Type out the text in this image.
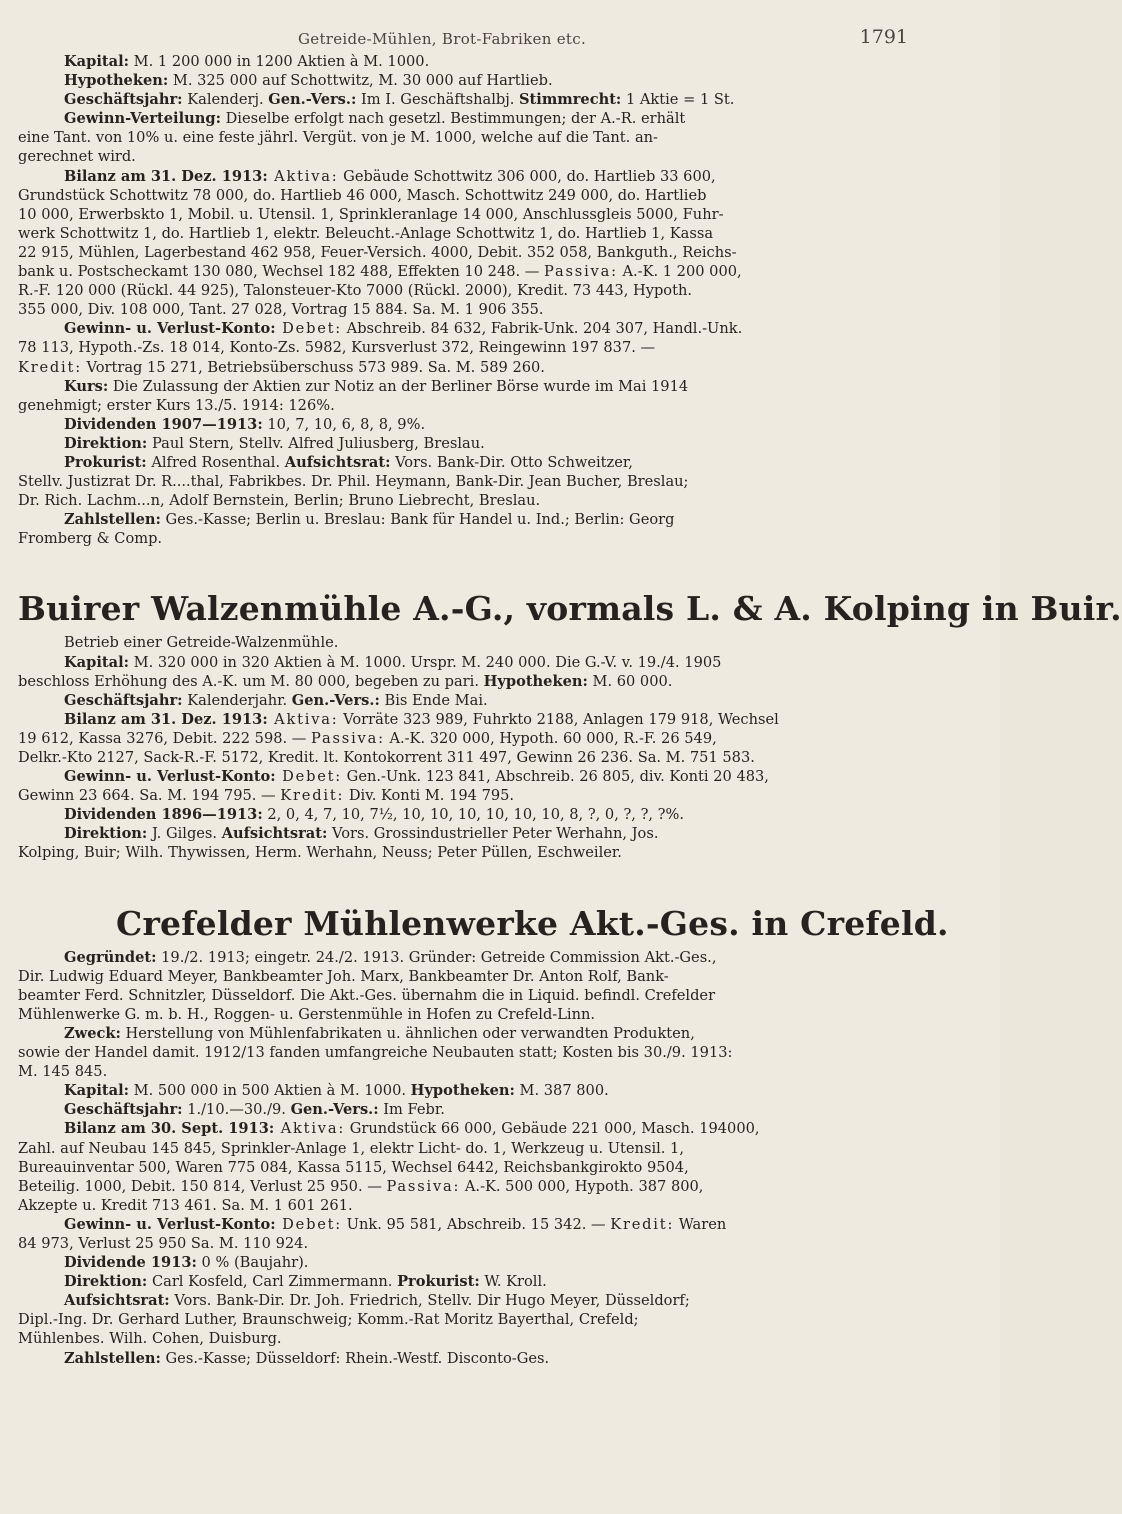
Getreide-Mühlen, Brot-Fabriken etc.	1791
Kapital: M. 1 200 000 in 1200 Aktien à M. 1000.
Hypotheken: M. 325 000 auf Schottwitz, M. 30 000 auf Hartlieb.
Geschäftsjahr: Kalenderj. Gen.-Vers.: Im I. Geschäftshalbj. Stimmrecht: 1 Aktie = 1 St.
Gewinn-Verteilung: Dieselbe erfolgt nach gesetzl. Bestimmungen; der A.-R. erhält
eine Tant. von 10% u. eine feste jährl. Vergüt. von je M. 1000, welche auf die Tant. an-
gerechnet wird.
Bilanz am 31. Dez. 1913: Aktiva: Gebäude Schottwitz 306 000, do. Hartlieb 33 600,
Grundstück Schottwitz 78 000, do. Hartlieb 46 000, Masch. Schottwitz 249 000, do. Hartlieb
10 000, Erwerbskto 1, Mobil. u. Utensil. 1, Sprinkleranlage 14 000, Anschlussgleis 5000, Fuhr-
werk Schottwitz 1, do. Hartlieb 1, elektr. Beleucht.-Anlage Schottwitz 1, do. Hartlieb 1, Kassa
22 915, Mühlen, Lagerbestand 462 958, Feuer-Versich. 4000, Debit. 352 058, Bankguth., Reichs-
bank u. Postscheckamt 130 080, Wechsel 182 488, Effekten 10 248. — Passiva: A.-K. 1 200 000,
R.-F. 120 000 (Rückl. 44 925), Talonsteuer-Kto 7000 (Rückl. 2000), Kredit. 73 443, Hypoth.
355 000, Div. 108 000, Tant. 27 028, Vortrag 15 884. Sa. M. 1 906 355.
Gewinn- u. Verlust-Konto: Debet: Abschreib. 84 632, Fabrik-Unk. 204 307, Handl.-Unk.
78 113, Hypoth.-Zs. 18 014, Konto-Zs. 5982, Kursverlust 372, Reingewinn 197 837. —
Kredit: Vortrag 15 271, Betriebsüberschuss 573 989. Sa. M. 589 260.
Kurs: Die Zulassung der Aktien zur Notiz an der Berliner Börse wurde im Mai 1914
genehmigt; erster Kurs 13./5. 1914: 126%.
Dividenden 1907—1913: 10, 7, 10, 6, 8, 8, 9%.
Direktion: Paul Stern, Stellv. Alfred Juliusberg, Breslau.
Prokurist: Alfred Rosenthal. Aufsichtsrat: Vors. Bank-Dir. Otto Schweitzer,
Stellv. Justizrat Dr. R....thal, Fabrikbes. Dr. Phil. Heymann, Bank-Dir. Jean Bucher, Breslau;
Dr. Rich. Lachm...n, Adolf Bernstein, Berlin; Bruno Liebrecht, Breslau.
Zahlstellen: Ges.-Kasse; Berlin u. Breslau: Bank für Handel u. Ind.; Berlin: Georg
Fromberg & Comp.
Buirer Walzenmühle A.-G., vormals L. & A. Kolping in Buir.
Betrieb einer Getreide-Walzenmühle.
Kapital: M. 320 000 in 320 Aktien à M. 1000. Urspr. M. 240 000. Die G.-V. v. 19./4. 1905
beschloss Erhöhung des A.-K. um M. 80 000, begeben zu pari. Hypotheken: M. 60 000.
Geschäftsjahr: Kalenderjahr. Gen.-Vers.: Bis Ende Mai.
Bilanz am 31. Dez. 1913: Aktiva: Vorräte 323 989, Fuhrkto 2188, Anlagen 179 918, Wechsel
19 612, Kassa 3276, Debit. 222 598. — Passiva: A.-K. 320 000, Hypoth. 60 000, R.-F. 26 549,
Delkr.-Kto 2127, Sack-R.-F. 5172, Kredit. lt. Kontokorrent 311 497, Gewinn 26 236. Sa. M. 751 583.
Gewinn- u. Verlust-Konto: Debet: Gen.-Unk. 123 841, Abschreib. 26 805, div. Konti 20 483,
Gewinn 23 664. Sa. M. 194 795. — Kredit: Div. Konti M. 194 795.
Dividenden 1896—1913: 2, 0, 4, 7, 10, 7½, 10, 10, 10, 10, 10, 10, 8, ?, 0, ?, ?, ?%.
Direktion: J. Gilges. Aufsichtsrat: Vors. Grossindustrieller Peter Werhahn, Jos.
Kolping, Buir; Wilh. Thywissen, Herm. Werhahn, Neuss; Peter Püllen, Eschweiler.
Crefelder Mühlenwerke Akt.-Ges. in Crefeld.
Gegründet: 19./2. 1913; eingetr. 24./2. 1913. Gründer: Getreide Commission Akt.-Ges.,
Dir. Ludwig Eduard Meyer, Bankbeamter Joh. Marx, Bankbeamter Dr. Anton Rolf, Bank-
beamter Ferd. Schnitzler, Düsseldorf. Die Akt.-Ges. übernahm die in Liquid. befindl. Crefelder
Mühlenwerke G. m. b. H., Roggen- u. Gerstenmühle in Hofen zu Crefeld-Linn.
Zweck: Herstellung von Mühlenfabrikaten u. ähnlichen oder verwandten Produkten,
sowie der Handel damit. 1912/13 fanden umfangreiche Neubauten statt; Kosten bis 30./9. 1913:
M. 145 845.
Kapital: M. 500 000 in 500 Aktien à M. 1000. Hypotheken: M. 387 800.
Geschäftsjahr: 1./10.—30./9. Gen.-Vers.: Im Febr.
Bilanz am 30. Sept. 1913: Aktiva: Grundstück 66 000, Gebäude 221 000, Masch. 194000,
Zahl. auf Neubau 145 845, Sprinkler-Anlage 1, elektr Licht- do. 1, Werkzeug u. Utensil. 1,
Bureauinventar 500, Waren 775 084, Kassa 5115, Wechsel 6442, Reichsbankgirokto 9504,
Beteilig. 1000, Debit. 150 814, Verlust 25 950. — Passiva: A.-K. 500 000, Hypoth. 387 800,
Akzepte u. Kredit 713 461. Sa. M. 1 601 261.
Gewinn- u. Verlust-Konto: Debet: Unk. 95 581, Abschreib. 15 342. — Kredit: Waren
84 973, Verlust 25 950 Sa. M. 110 924.
Dividende 1913: 0 % (Baujahr).
Direktion: Carl Kosfeld, Carl Zimmermann. Prokurist: W. Kroll.
Aufsichtsrat: Vors. Bank-Dir. Dr. Joh. Friedrich, Stellv. Dir Hugo Meyer, Düsseldorf;
Dipl.-Ing. Dr. Gerhard Luther, Braunschweig; Komm.-Rat Moritz Bayerthal, Crefeld;
Mühlenbes. Wilh. Cohen, Duisburg.
Zahlstellen: Ges.-Kasse; Düsseldorf: Rhein.-Westf. Disconto-Ges.
